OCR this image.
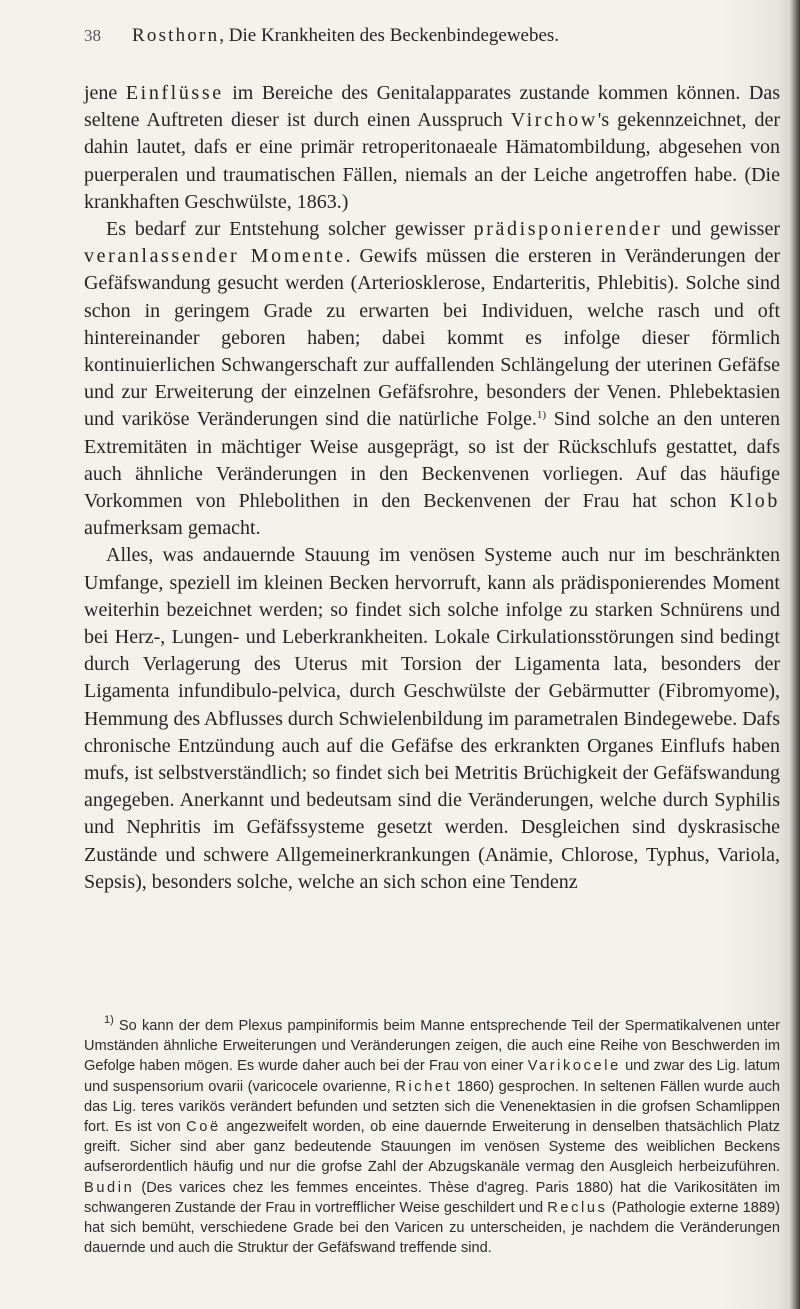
38 Rosthorn, Die Krankheiten des Beckenbindegewebes.

jene Einflüsse im Bereiche des Genitalapparates zustande kommen können. Das seltene Auftreten dieser ist durch einen Ausspruch Virchow's gekennzeichnet, der dahin lautet, dafs er eine primär retroperitonaeale Hämatombildung, abgesehen von puerperalen und traumatischen Fällen, niemals an der Leiche angetroffen habe. (Die krankhaften Geschwülste, 1863.)

Es bedarf zur Entstehung solcher gewisser prädisponierender und gewisser veranlassender Momente. Gewifs müssen die ersteren in Veränderungen der Gefäfswandung gesucht werden (Arteriosklerose, Endarteritis, Phlebitis). Solche sind schon in geringem Grade zu erwarten bei Individuen, welche rasch und oft hintereinander geboren haben; dabei kommt es infolge dieser förmlich kontinuierlichen Schwangerschaft zur auffallenden Schlängelung der uterinen Gefäfse und zur Erweiterung der einzelnen Gefäfsrohre, besonders der Venen. Phlebektasien und variköse Veränderungen sind die natürliche Folge.$^{1)}$ Sind solche an den unteren Extremitäten in mächtiger Weise ausgeprägt, so ist der Rückschlufs gestattet, dafs auch ähnliche Veränderungen in den Beckenvenen vorliegen. Auf das häufige Vorkommen von Phlebolithen in den Beckenvenen der Frau hat schon Klob aufmerksam gemacht.

Alles, was andauernde Stauung im venösen Systeme auch nur im beschränkten Umfange, speziell im kleinen Becken hervorruft, kann als prädisponierendes Moment weiterhin bezeichnet werden; so findet sich solche infolge zu starken Schnürens und bei Herz-, Lungen- und Leberkrankheiten. Lokale Cirkulationsstörungen sind bedingt durch Verlagerung des Uterus mit Torsion der Ligamenta lata, besonders der Ligamenta infundibulo-pelvica, durch Geschwülste der Gebärmutter (Fibromyome), Hemmung des Abflusses durch Schwielenbildung im parametralen Bindegewebe. Dafs chronische Entzündung auch auf die Gefäfse des erkrankten Organes Einflufs haben mufs, ist selbstverständlich; so findet sich bei Metritis Brüchigkeit der Gefäfswandung angegeben. Anerkannt und bedeutsam sind die Veränderungen, welche durch Syphilis und Nephritis im Gefäfssysteme gesetzt werden. Desgleichen sind dyskrasische Zustände und schwere Allgemeinerkrankungen (Anämie, Chlorose, Typhus, Variola, Sepsis), besonders solche, welche an sich schon eine Tendenz

$^{1)}$ So kann der dem Plexus pampiniformis beim Manne entsprechende Teil der Spermatikalvenen unter Umständen ähnliche Erweiterungen und Veränderungen zeigen, die auch eine Reihe von Beschwerden im Gefolge haben mögen. Es wurde daher auch bei der Frau von einer Varikocele und zwar des Lig. latum und suspensorium ovarii (varicocele ovarienne, Richet 1860) gesprochen. In seltenen Fällen wurde auch das Lig. teres varikös verändert befunden und setzten sich die Venenektasien in die grofsen Schamlippen fort. Es ist von Coë angezweifelt worden, ob eine dauernde Erweiterung in denselben thatsächlich Platz greift. Sicher sind aber ganz bedeutende Stauungen im venösen Systeme des weiblichen Beckens aufserordentlich häufig und nur die grofse Zahl der Abzugskanäle vermag den Ausgleich herbeizuführen. Budin (Des varices chez les femmes enceintes. Thèse d'agreg. Paris 1880) hat die Varikositäten im schwangeren Zustande der Frau in vortrefflicher Weise geschildert und Reclus (Pathologie externe 1889) hat sich bemüht, verschiedene Grade bei den Varicen zu unterscheiden, je nachdem die Veränderungen dauernde und auch die Struktur der Gefäfswand treffende sind.
